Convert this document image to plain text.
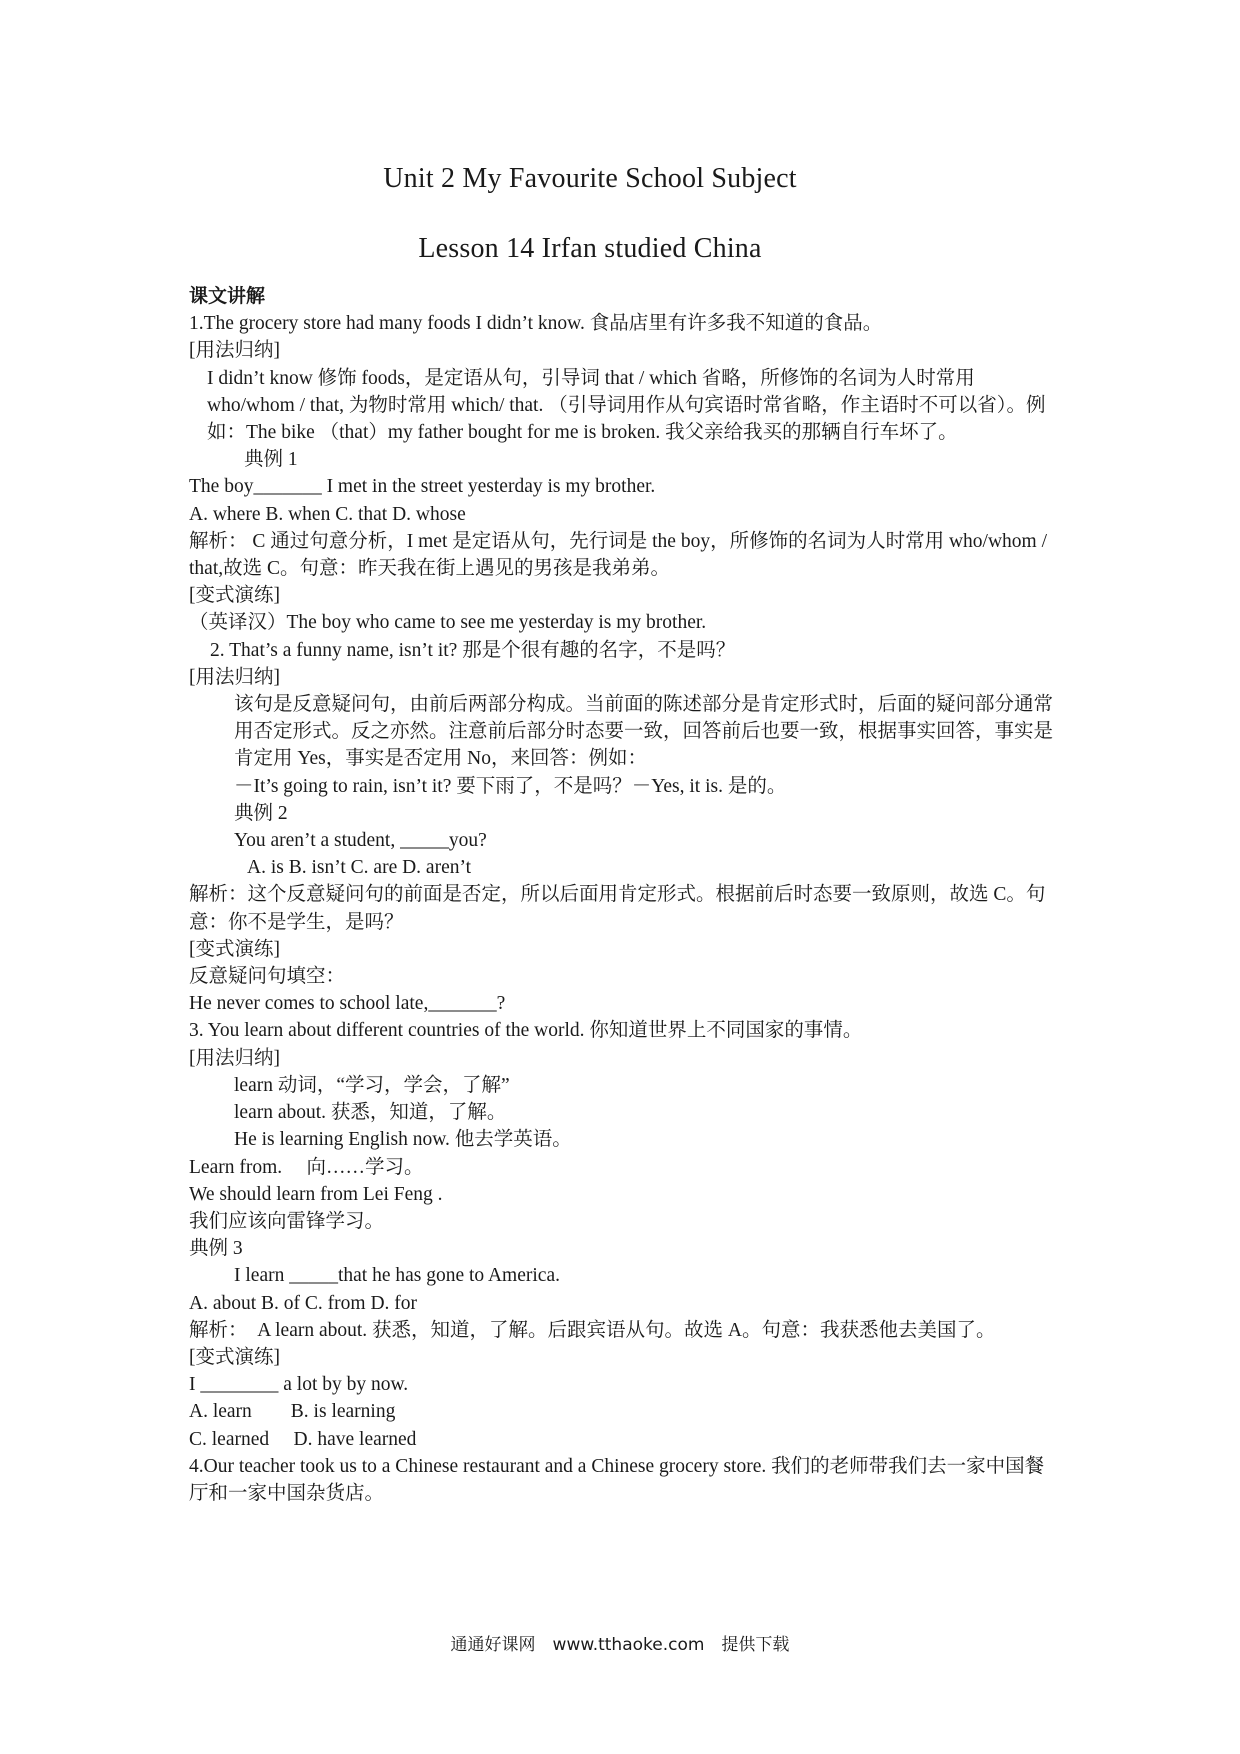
Unit 2 My Favourite School Subject
Lesson 14 Irfan studied China

课文讲解

1.The grocery store had many foods I didn’t know. 食品店里有许多我不知道的食品。

[用法归纳]

I didn’t know 修饰 foods，是定语从句，引导词 that / which 省略，所修饰的名词为人时常用 who/whom / that, 为物时常用 which/ that. （引导词用作从句宾语时常省略，作主语时不可以省）。例如：The bike （that）my father bought for me is broken. 我父亲给我买的那辆自行车坏了。

典例 1

The boy_______ I met in the street yesterday is my brother.

A. where B. when C. that D. whose

解析： C 通过句意分析，I met 是定语从句，先行词是 the boy，所修饰的名词为人时常用 who/whom / that,故选 C。句意：昨天我在街上遇见的男孩是我弟弟。

[变式演练]

（英译汉）The boy who came to see me yesterday is my brother.

2. That’s a funny name, isn’t it? 那是个很有趣的名字，不是吗？

[用法归纳]

该句是反意疑问句，由前后两部分构成。当前面的陈述部分是肯定形式时，后面的疑问部分通常用否定形式。反之亦然。注意前后部分时态要一致，回答前后也要一致，根据事实回答，事实是肯定用 Yes，事实是否定用 No，来回答：例如：

－It’s going to rain, isn’t it? 要下雨了，不是吗？－Yes, it is. 是的。

典例 2

You aren’t a student, _____you?

A. is B. isn’t C. are D. aren’t

解析：这个反意疑问句的前面是否定，所以后面用肯定形式。根据前后时态要一致原则，故选 C。句意：你不是学生，是吗？

[变式演练]

反意疑问句填空：

He never comes to school late,_______?

3. You learn about different countries of the world. 你知道世界上不同国家的事情。

[用法归纳]

learn 动词，“学习，学会，了解”

learn about. 获悉，知道，了解。

He is learning English now. 他去学英语。

Learn from.　 向……学习。

We should learn from Lei Feng .

我们应该向雷锋学习。

典例 3

I learn _____that he has gone to America.

A. about B. of C. from D. for

解析：　A learn about. 获悉，知道，了解。后跟宾语从句。故选 A。句意：我获悉他去美国了。

[变式演练]

I ________ a lot by by now.

A. learn　　B. is learning

C. learned　 D. have learned

4.Our teacher took us to a Chinese restaurant and a Chinese grocery store. 我们的老师带我们去一家中国餐厅和一家中国杂货店。

通通好课网　www.tthaoke.com　提供下载
